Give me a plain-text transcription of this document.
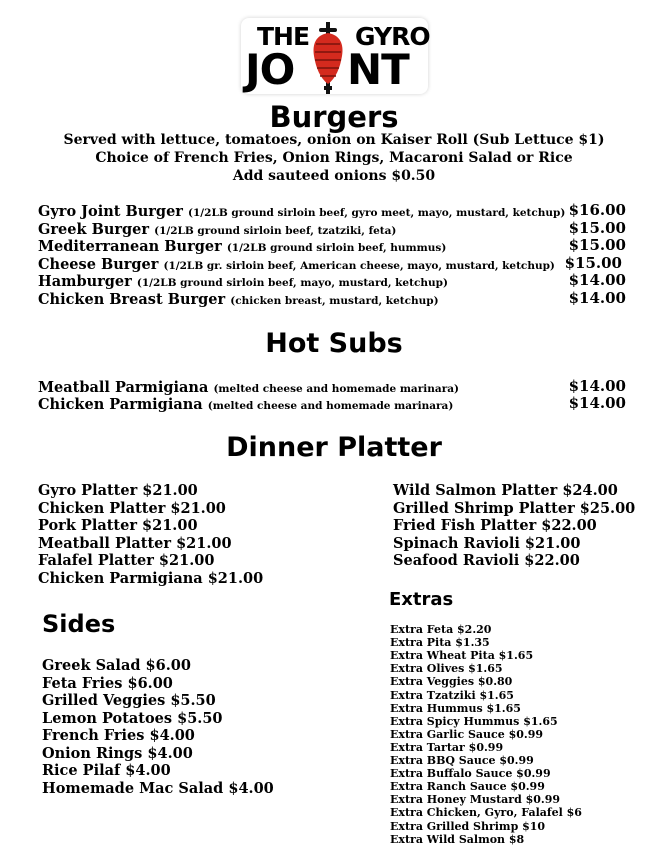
THE GYRO
JO NT
Burgers
Served with lettuce, tomatoes, onion on Kaiser Roll (Sub Lettuce $1)
Choice of French Fries, Onion Rings, Macaroni Salad or Rice
Add sauteed onions $0.50
Gyro Joint Burger (1/2LB ground sirloin beef, gyro meet, mayo, mustard, ketchup) $16.00
Greek Burger (1/2LB ground sirloin beef, tzatziki, feta)	$15.00
Mediterranean Burger (1/2LB ground sirloin beef, hummus)	$15.00
Cheese Burger (1/2LB gr. sirloin beef, American cheese, mayo, mustard, ketchup) $15.00
Hamburger (1/2LB ground sirloin beef, mayo, mustard, ketchup)	$14.00
Chicken Breast Burger (chicken breast, mustard, ketchup)	$14.00
Hot Subs
Meatball Parmigiana (melted cheese and homemade marinara)	$14.00
Chicken Parmigiana (melted cheese and homemade marinara)	$14.00
Dinner Platter
Gyro Platter $21.00
Chicken Platter $21.00
Pork Platter $21.00
Meatball Platter $21.00
Falafel Platter $21.00
Chicken Parmigiana $21.00
Wild Salmon Platter $24.00
Grilled Shrimp Platter $25.00
Fried Fish Platter $22.00
Spinach Ravioli $21.00
Seafood Ravioli $22.00
Sides
Greek Salad $6.00
Feta Fries $6.00
Grilled Veggies $5.50
Lemon Potatoes $5.50
French Fries $4.00
Onion Rings $4.00
Rice Pilaf $4.00
Homemade Mac Salad $4.00
Extras
Extra Feta $2.20
Extra Pita $1.35
Extra Wheat Pita $1.65
Extra Olives $1.65
Extra Veggies $0.80
Extra Tzatziki $1.65
Extra Hummus $1.65
Extra Spicy Hummus $1.65
Extra Garlic Sauce $0.99
Extra Tartar $0.99
Extra BBQ Sauce $0.99
Extra Buffalo Sauce $0.99
Extra Ranch Sauce $0.99
Extra Honey Mustard $0.99
Extra Chicken, Gyro, Falafel $6
Extra Grilled Shrimp $10
Extra Wild Salmon $8
